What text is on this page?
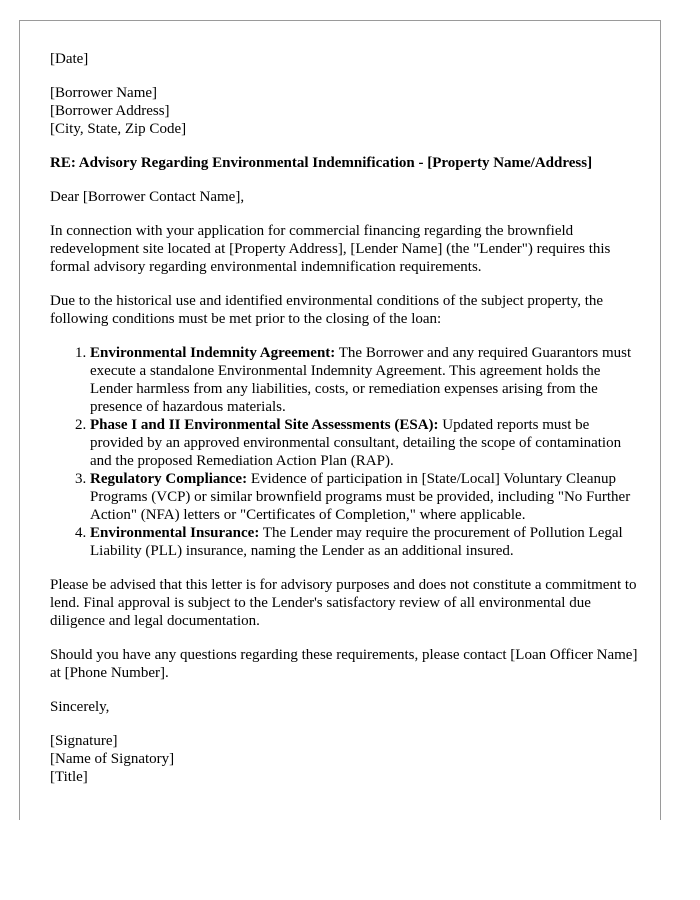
[Date]
[Borrower Name]
[Borrower Address]
[City, State, Zip Code]
RE: Advisory Regarding Environmental Indemnification - [Property Name/Address]
Dear [Borrower Contact Name],
In connection with your application for commercial financing regarding the brownfield redevelopment site located at [Property Address], [Lender Name] (the "Lender") requires this formal advisory regarding environmental indemnification requirements.
Due to the historical use and identified environmental conditions of the subject property, the following conditions must be met prior to the closing of the loan:
1. Environmental Indemnity Agreement: The Borrower and any required Guarantors must execute a standalone Environmental Indemnity Agreement. This agreement holds the Lender harmless from any liabilities, costs, or remediation expenses arising from the presence of hazardous materials.
2. Phase I and II Environmental Site Assessments (ESA): Updated reports must be provided by an approved environmental consultant, detailing the scope of contamination and the proposed Remediation Action Plan (RAP).
3. Regulatory Compliance: Evidence of participation in [State/Local] Voluntary Cleanup Programs (VCP) or similar brownfield programs must be provided, including "No Further Action" (NFA) letters or "Certificates of Completion," where applicable.
4. Environmental Insurance: The Lender may require the procurement of Pollution Legal Liability (PLL) insurance, naming the Lender as an additional insured.
Please be advised that this letter is for advisory purposes and does not constitute a commitment to lend. Final approval is subject to the Lender's satisfactory review of all environmental due diligence and legal documentation.
Should you have any questions regarding these requirements, please contact [Loan Officer Name] at [Phone Number].
Sincerely,
[Signature]
[Name of Signatory]
[Title]
